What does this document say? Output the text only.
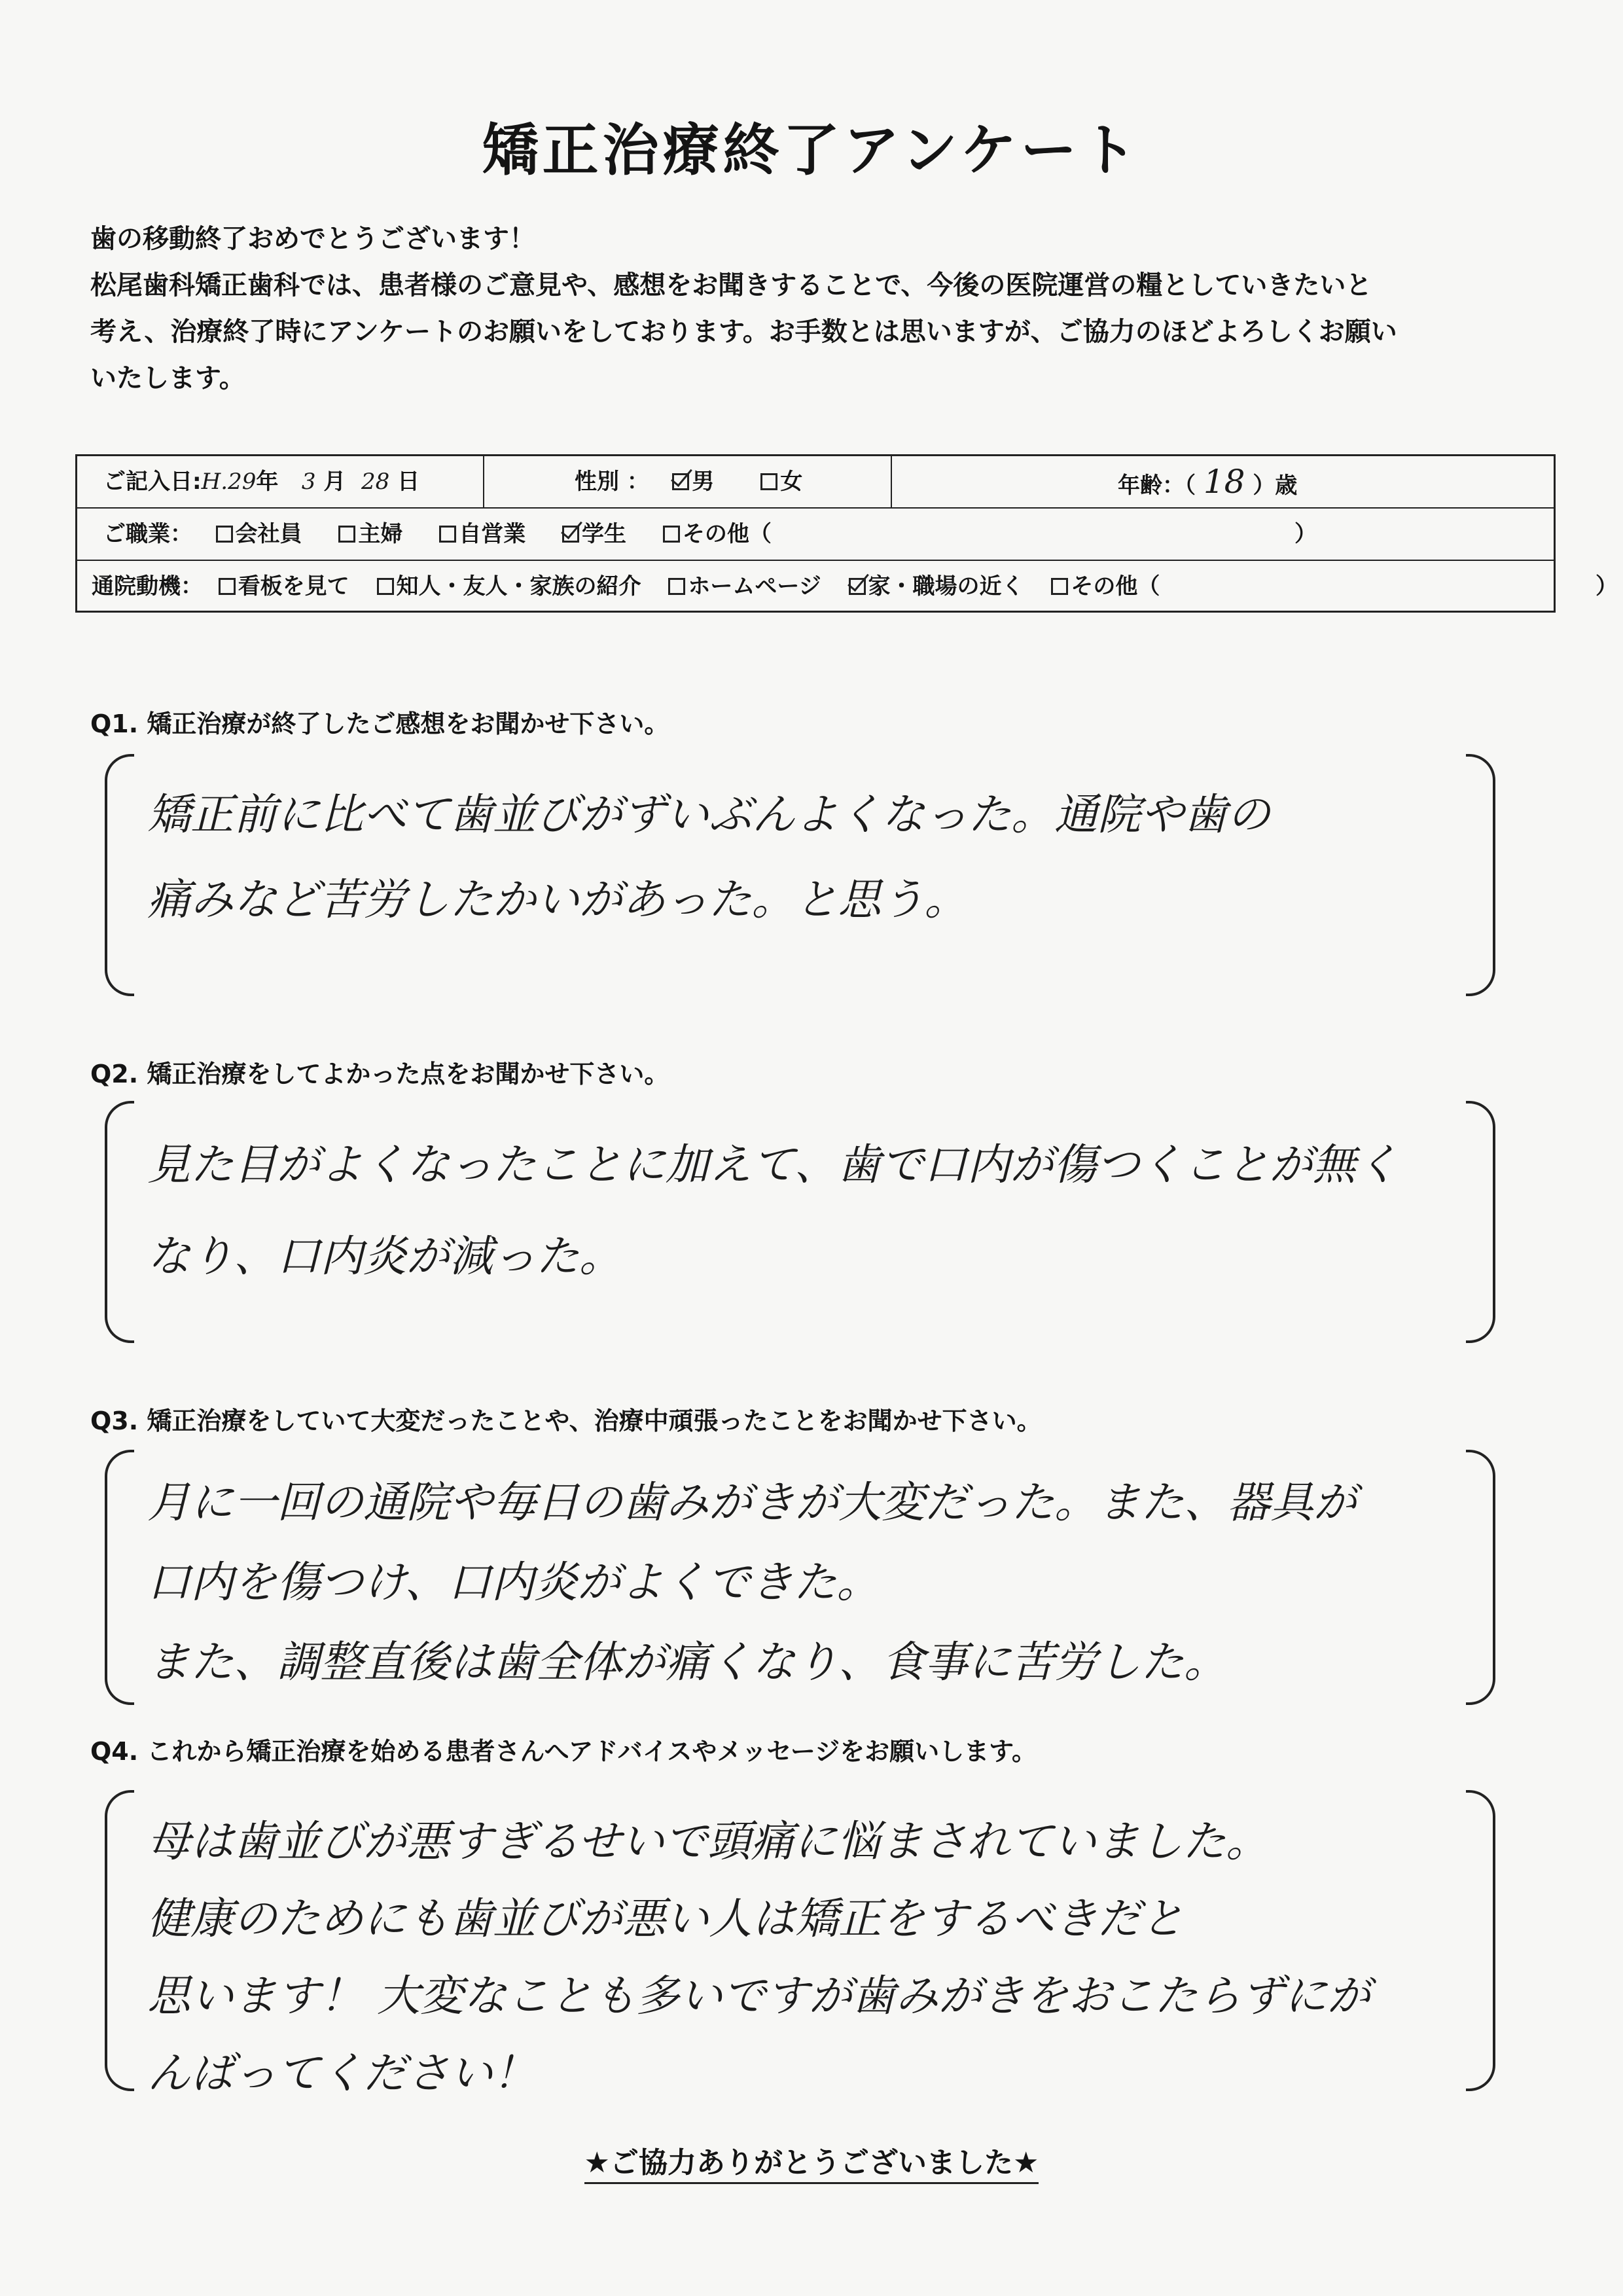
矯正治療終了アンケート
歯の移動終了おめでとうございます！
松尾歯科矯正歯科では、患者様のご意見や、感想をお聞きすることで、今後の医院運営の糧としていきたいと
考え、治療終了時にアンケートのお願いをしております。お手数とは思いますが、ご協力のほどよろしくお願い
いたします。
ご記入日:H.29年 3 月 28 日	性別 ： 男	女	年齢：（ 18 ）歳
ご職業： 会社員	主婦	自営業	学生	その他（	）
通院動機： 看板を見て 知人・友人・家族の紹介 ホームページ 家・職場の近く その他（	）
Q1. 矯正治療が終了したご感想をお聞かせ下さい。
矯正前に比べて歯並びがずいぶんよくなった。通院や歯の
痛みなど苦労したかいがあった。と思う。
Q2. 矯正治療をしてよかった点をお聞かせ下さい。
見た目がよくなったことに加えて、歯で口内が傷つくことが無く
なり、口内炎が減った。
Q3. 矯正治療をしていて大変だったことや、治療中頑張ったことをお聞かせ下さい。
月に一回の通院や毎日の歯みがきが大変だった。また、器具が
口内を傷つけ、口内炎がよくできた。
また、調整直後は歯全体が痛くなり、食事に苦労した。
Q4. これから矯正治療を始める患者さんへアドバイスやメッセージをお願いします。
母は歯並びが悪すぎるせいで頭痛に悩まされていました。
健康のためにも歯並びが悪い人は矯正をするべきだと
思います！ 大変なことも多いですが歯みがきをおこたらずにが
んばってください！
★ご協力ありがとうございました★
